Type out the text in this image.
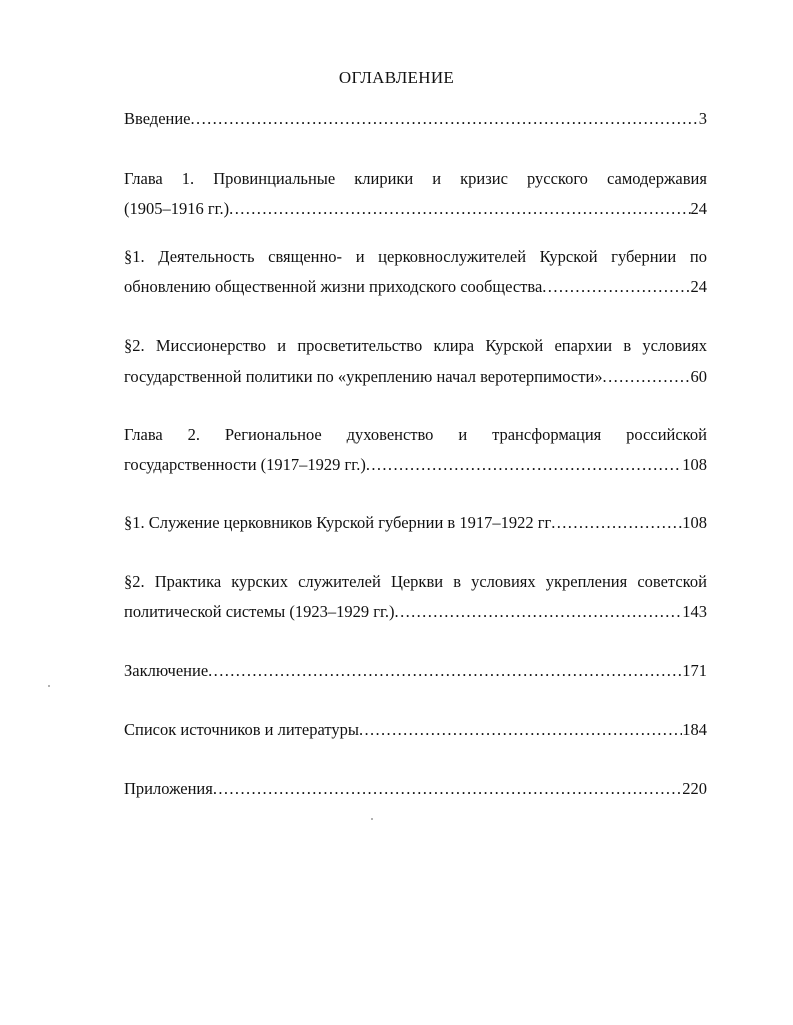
ОГЛАВЛЕНИЕ
Введение .....	3
Глава 1. Провинциальные клирики и кризис русского самодержавия
(1905–1916 гг.) .....	24
§1. Деятельность священно- и церковнослужителей Курской губернии по
обновлению общественной жизни приходского сообщества .....	24
§2. Миссионерство и просветительство клира Курской епархии в условиях
государственной политики по «укреплению начал веротерпимости» .....	60
Глава 2. Региональное духовенство и трансформация российской
государственности (1917–1929 гг.) .....	108
§1. Служение церковников Курской губернии в 1917–1922 гг .....	108
§2. Практика курских служителей Церкви в условиях укрепления советской
политической системы (1923–1929 гг.) .....	143
Заключение .....	171
Список источников и литературы .....	184
Приложения .....	220
